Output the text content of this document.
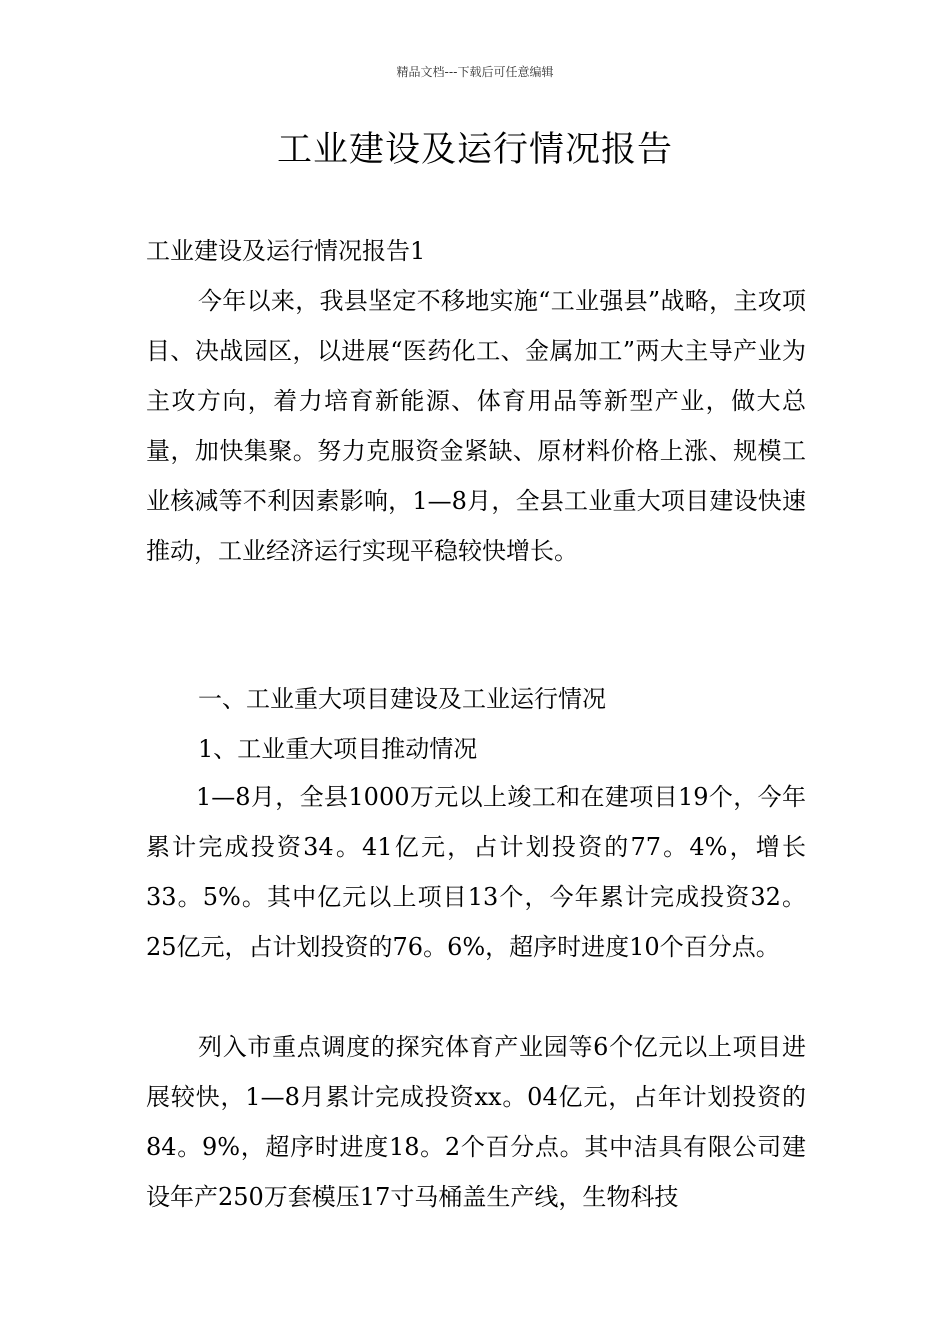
精品文档---下载后可任意编辑
工业建设及运行情况报告

工业建设及运行情况报告1

今年以来，我县坚定不移地实施“工业强县”战略，主攻项目、决战园区，以进展“医药化工、金属加工”两大主导产业为主攻方向，着力培育新能源、体育用品等新型产业，做大总量，加快集聚。努力克服资金紧缺、原材料价格上涨、规模工业核减等不利因素影响，1—8月，全县工业重大项目建设快速推动，工业经济运行实现平稳较快增长。

一、工业重大项目建设及工业运行情况

1、工业重大项目推动情况

1—8月，全县1000万元以上竣工和在建项目19个，今年累计完成投资34。41亿元，占计划投资的77。4%，增长33。5%。其中亿元以上项目13个，今年累计完成投资32。25亿元，占计划投资的76。6%，超序时进度10个百分点。

列入市重点调度的探究体育产业园等6个亿元以上项目进展较快，1—8月累计完成投资xx。04亿元，占年计划投资的84。9%，超序时进度18。2个百分点。其中洁具有限公司建设年产250万套模压17寸马桶盖生产线，生物科技
